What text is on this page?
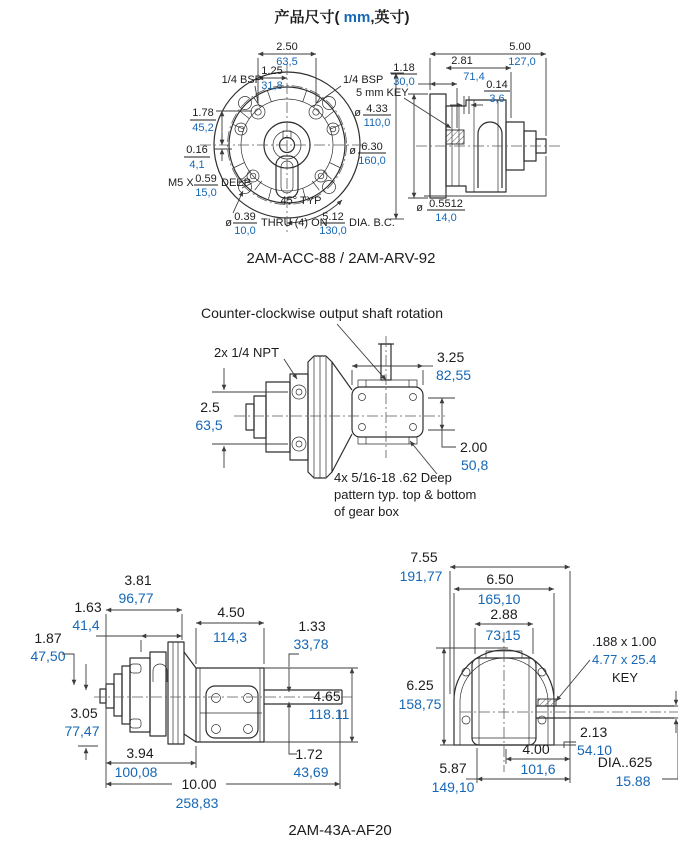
产品尺寸( mm,英寸)
2.50
63,5
1.25
31,8
1/4 BSP	1/4 BSP
1.78
45,2
0.16
4,1
M5 X 0.59
15,0
DEEP
45° TYP
ø 0.39
10,0
THRU (4) ON
5.12
130,0
DIA. B.C.
5.00
127,0
2.81
71,4
1.18
30,0	0.14
3,6
5 mm KEY
ø 4.33
110,0
ø 6.30
160,0
ø 0.5512
14,0
2AM-ACC-88 / 2AM-ARV-92
Counter-clockwise output shaft rotation
2x 1/4 NPT
2.5
63,5
3.25
82,55
2.00
50,8
4x 5/16-18 .62 Deep
pattern typ. top & bottom
of gear box
3.81
96,77
1.63
41,4
1.87
47,50
3.05
77,47
3.94
100,08
10.00
258,83
4.50
114,3
1.33
33,78
4.65
118.11
1.72
43,69
7.55
191,77	6.50
165,10
2.88
73,15
6.25
158,75
.188 x 1.00
4.77 x 25.4
KEY
2.13
54.10
4.00
101,6
5.87
149,10
DIA..625
15.88
2AM-43A-AF20
